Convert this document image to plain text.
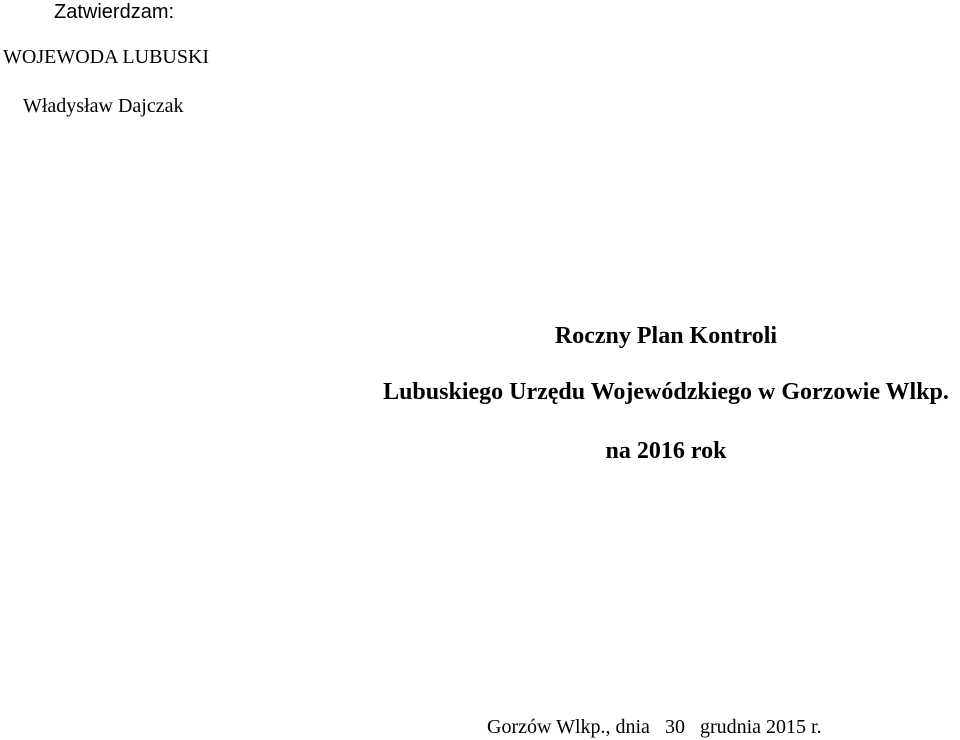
Zatwierdzam:
WOJEWODA LUBUSKI
Władysław Dajczak
Roczny Plan Kontroli
Lubuskiego Urzędu Wojewódzkiego w Gorzowie Wlkp.
na 2016 rok
Gorzów Wlkp., dnia 30 grudnia 2015 r.
